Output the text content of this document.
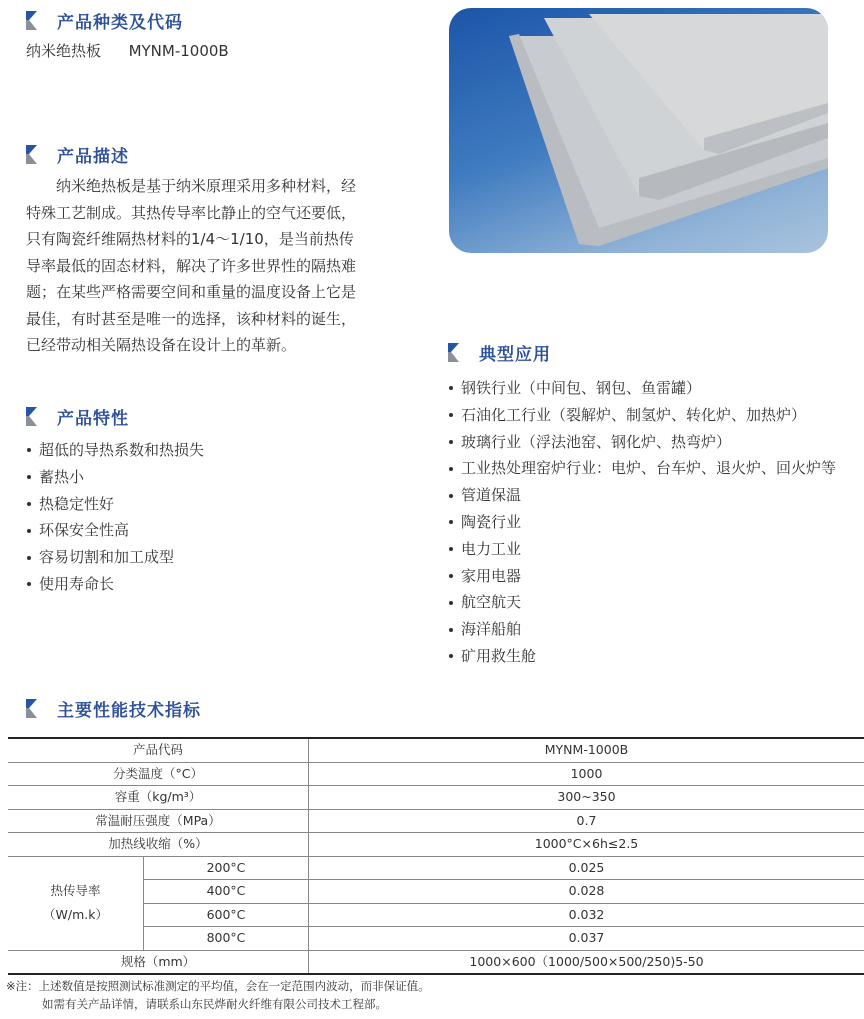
产品种类及代码
纳米绝热板 MYNM-1000B
产品描述
纳米绝热板是基于纳米原理采用多种材料，经
特殊工艺制成。其热传导率比静止的空气还要低，
只有陶瓷纤维隔热材料的1/4～1/10，是当前热传
导率最低的固态材料，解决了许多世界性的隔热难
题；在某些严格需要空间和重量的温度设备上它是
最佳，有时甚至是唯一的选择，该种材料的诞生，
已经带动相关隔热设备在设计上的革新。
产品特性
超低的导热系数和热损失
蓄热小
热稳定性好
环保安全性高
容易切割和加工成型
使用寿命长
典型应用
钢铁行业（中间包、钢包、鱼雷罐）
石油化工行业（裂解炉、制氢炉、转化炉、加热炉）
玻璃行业（浮法池窑、钢化炉、热弯炉）
工业热处理窑炉行业：电炉、台车炉、退火炉、回火炉等
管道保温
陶瓷行业
电力工业
家用电器
航空航天
海洋船舶
矿用救生舱
主要性能技术指标
产品代码		MYNM-1000B
分类温度（°C）		1000
容重（kg/m³）		300~350
常温耐压强度（MPa）		0.7
加热线收缩（%）		1000°C×6h≤2.5

热传导率
（W/m.k）	200°C	0.025
	400°C	0.028
	600°C	0.032
	800°C	0.037
规格（mm）		1000×600（1000/500×500/250)5-50
※注：上述数值是按照测试标准测定的平均值，会在一定范围内波动，而非保证值。
如需有关产品详情，请联系山东民烨耐火纤维有限公司技术工程部。
